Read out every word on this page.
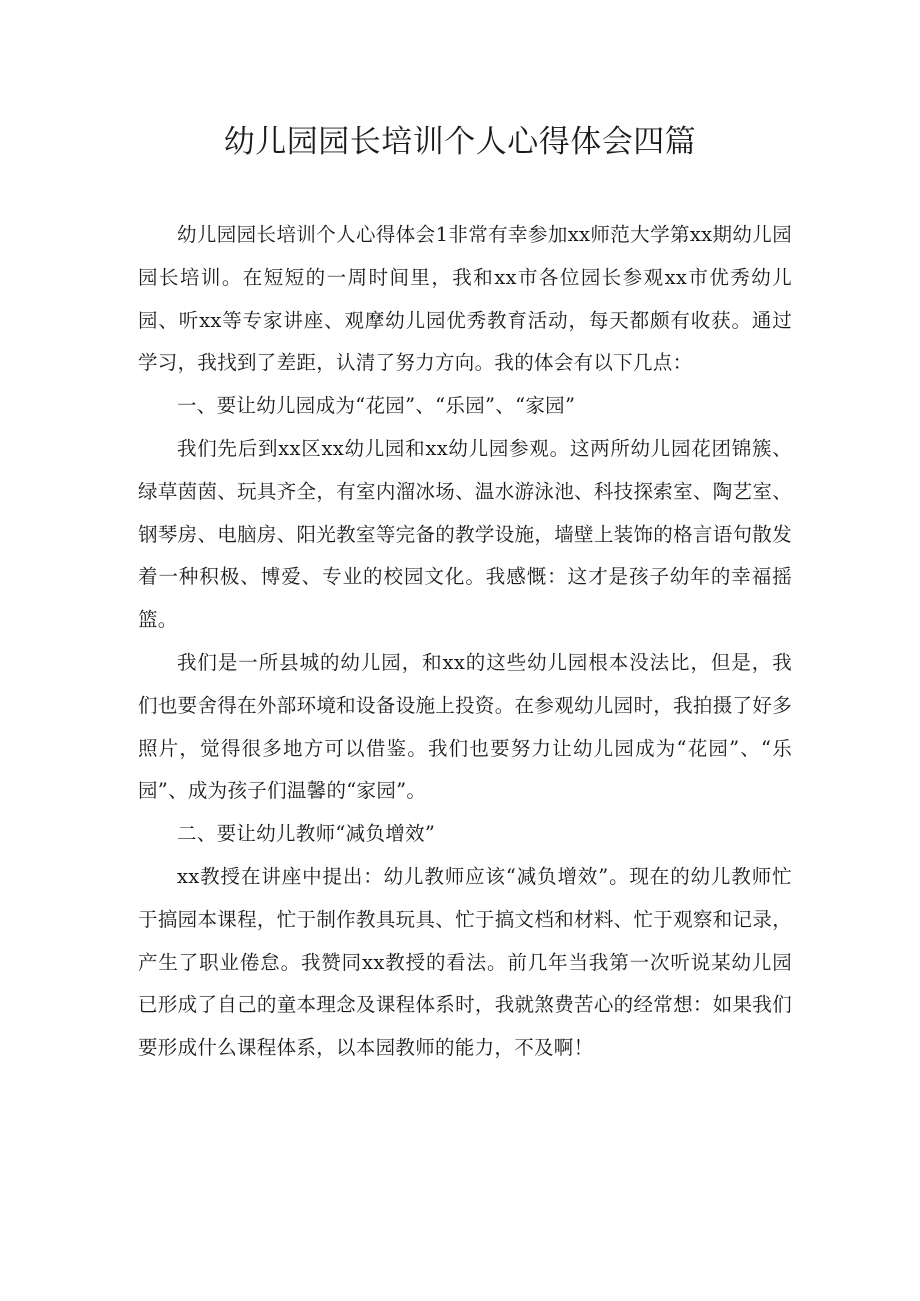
幼儿园园长培训个人心得体会四篇

幼儿园园长培训个人心得体会1非常有幸参加xx师范大学第xx期幼儿园园长培训。在短短的一周时间里，我和xx市各位园长参观xx市优秀幼儿园、听xx等专家讲座、观摩幼儿园优秀教育活动，每天都颇有收获。通过学习，我找到了差距，认清了努力方向。我的体会有以下几点：

一、要让幼儿园成为“花园”、“乐园”、“家园”

我们先后到xx区xx幼儿园和xx幼儿园参观。这两所幼儿园花团锦簇、绿草茵茵、玩具齐全，有室内溜冰场、温水游泳池、科技探索室、陶艺室、钢琴房、电脑房、阳光教室等完备的教学设施，墙壁上装饰的格言语句散发着一种积极、博爱、专业的校园文化。我感慨：这才是孩子幼年的幸福摇篮。

我们是一所县城的幼儿园，和xx的这些幼儿园根本没法比，但是，我们也要舍得在外部环境和设备设施上投资。在参观幼儿园时，我拍摄了好多照片，觉得很多地方可以借鉴。我们也要努力让幼儿园成为“花园”、“乐园”、成为孩子们温馨的“家园”。

二、要让幼儿教师“减负增效”

xx教授在讲座中提出：幼儿教师应该“减负增效”。现在的幼儿教师忙于搞园本课程，忙于制作教具玩具、忙于搞文档和材料、忙于观察和记录，产生了职业倦怠。我赞同xx教授的看法。前几年当我第一次听说某幼儿园已形成了自己的童本理念及课程体系时，我就煞费苦心的经常想：如果我们要形成什么课程体系，以本园教师的能力，不及啊！
